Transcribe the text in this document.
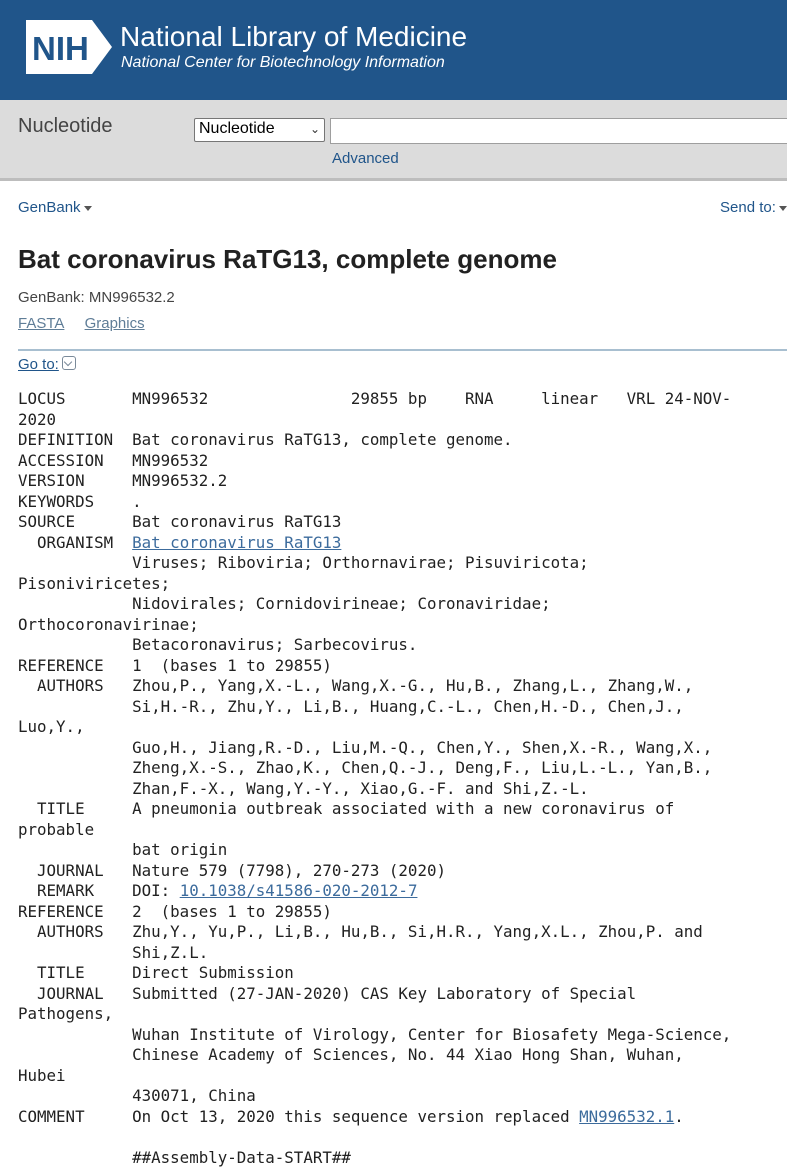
NIH National Library of Medicine
National Center for Biotechnology Information
Nucleotide	Nucleotide	⌄
Advanced
GenBank	Send to:
Bat coronavirus RaTG13, complete genome
GenBank: MN996532.2
FASTA Graphics
Go to:
LOCUS       MN996532               29855 bp    RNA     linear   VRL 24-NOV-
2020
DEFINITION  Bat coronavirus RaTG13, complete genome.
ACCESSION   MN996532
VERSION     MN996532.2
KEYWORDS    .
SOURCE      Bat coronavirus RaTG13
ORGANISM  Bat coronavirus RaTG13
Viruses; Riboviria; Orthornavirae; Pisuviricota;
Pisoniviricetes;
Nidovirales; Cornidovirineae; Coronaviridae;
Orthocoronavirinae;
Betacoronavirus; Sarbecovirus.
REFERENCE   1  (bases 1 to 29855)
AUTHORS   Zhou,P., Yang,X.-L., Wang,X.-G., Hu,B., Zhang,L., Zhang,W.,
Si,H.-R., Zhu,Y., Li,B., Huang,C.-L., Chen,H.-D., Chen,J.,
Luo,Y.,
Guo,H., Jiang,R.-D., Liu,M.-Q., Chen,Y., Shen,X.-R., Wang,X.,
Zheng,X.-S., Zhao,K., Chen,Q.-J., Deng,F., Liu,L.-L., Yan,B.,
Zhan,F.-X., Wang,Y.-Y., Xiao,G.-F. and Shi,Z.-L.
TITLE     A pneumonia outbreak associated with a new coronavirus of
probable
bat origin
JOURNAL   Nature 579 (7798), 270-273 (2020)
REMARK    DOI: 10.1038/s41586-020-2012-7
REFERENCE   2  (bases 1 to 29855)
AUTHORS   Zhu,Y., Yu,P., Li,B., Hu,B., Si,H.R., Yang,X.L., Zhou,P. and
Shi,Z.L.
TITLE     Direct Submission
JOURNAL   Submitted (27-JAN-2020) CAS Key Laboratory of Special
Pathogens,
Wuhan Institute of Virology, Center for Biosafety Mega-Science,
Chinese Academy of Sciences, No. 44 Xiao Hong Shan, Wuhan,
Hubei
430071, China
COMMENT     On Oct 13, 2020 this sequence version replaced MN996532.1.

##Assembly-Data-START##
